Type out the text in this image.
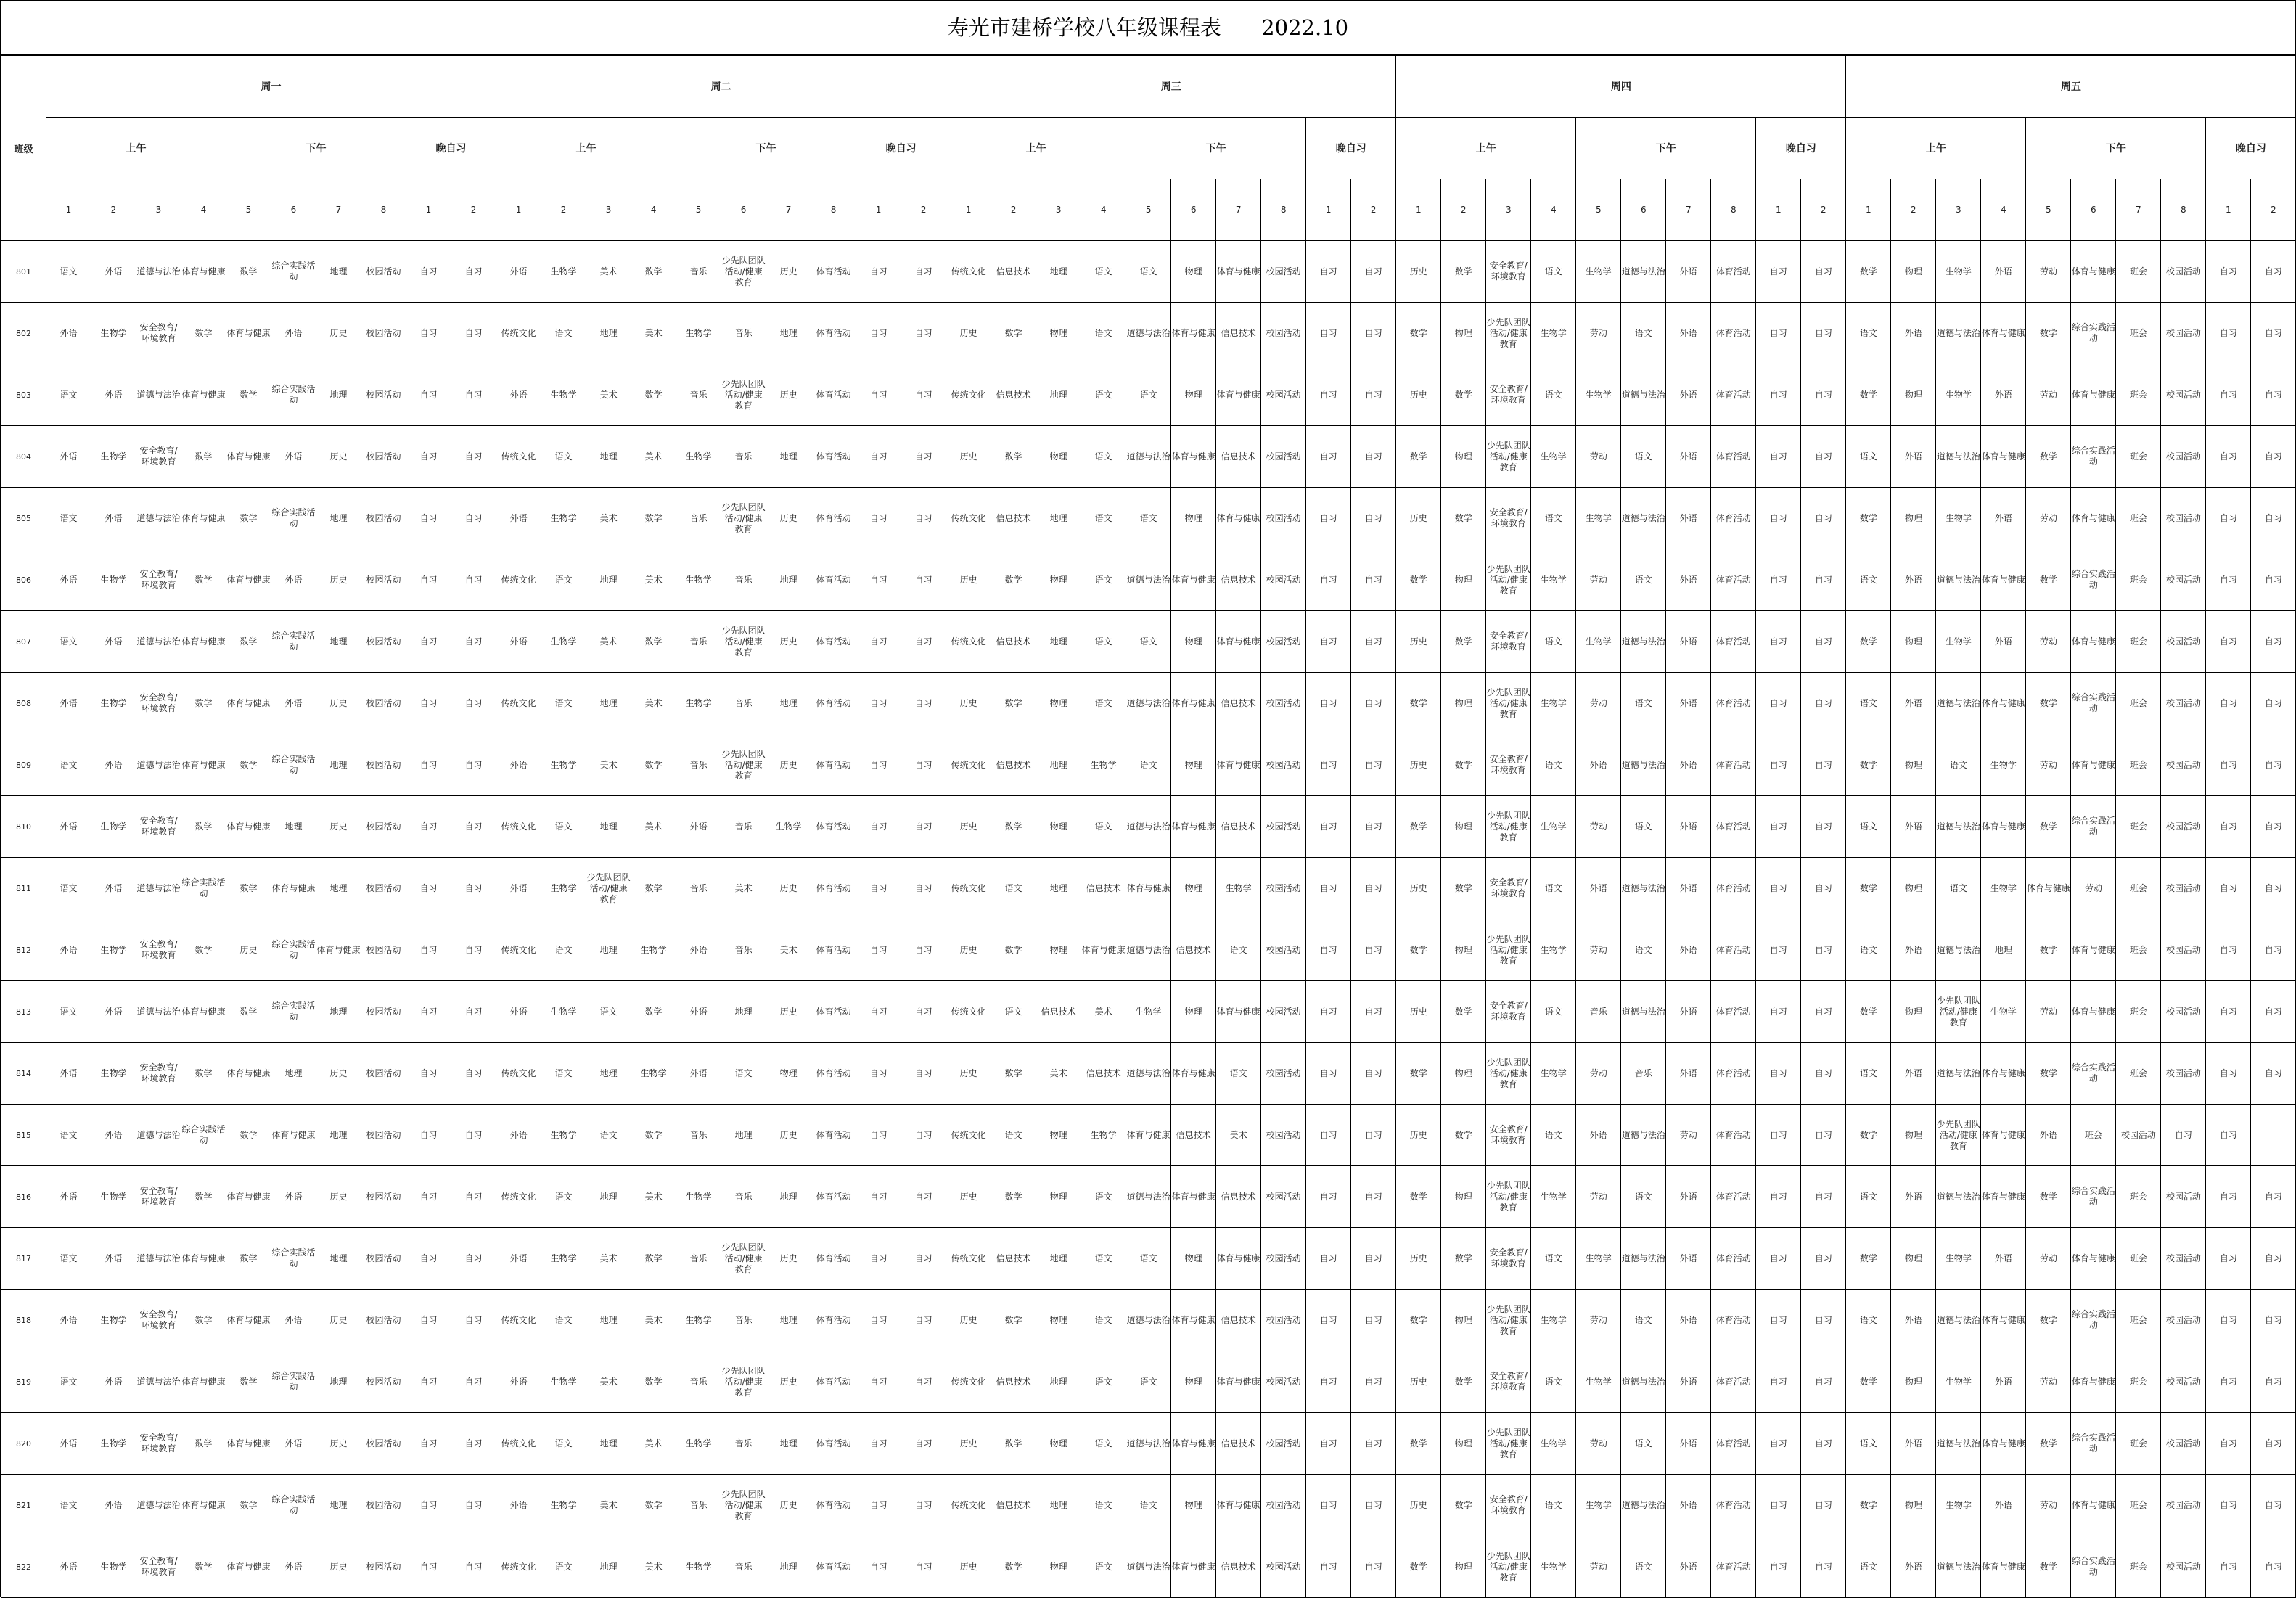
寿光市建桥学校八年级课程表      2022.10
班级	周一										周二										周三										周四										周五									
	上午				下午				晚自习		上午				下午				晚自习		上午				下午				晚自习		上午				下午				晚自习		上午				下午				晚自习	
	1	2	3	4	5	6	7	8	1	2	1	2	3	4	5	6	7	8	1	2	1	2	3	4	5	6	7	8	1	2	1	2	3	4	5	6	7	8	1	2	1	2	3	4	5	6	7	8	1	2
801	语文	外语	道德与法治	体育与健康	数学	综合实践活动	地理	校园活动	自习	自习	外语	生物学	美术	数学	音乐	少先队团队活动/健康教育	历史	体育活动	自习	自习	传统文化	信息技术	地理	语文	语文	物理	体育与健康	校园活动	自习	自习	历史	数学	安全教育/环境教育	语文	生物学	道德与法治	外语	体育活动	自习	自习	数学	物理	生物学	外语	劳动	体育与健康	班会	校园活动	自习	自习
802	外语	生物学	安全教育/环境教育	数学	体育与健康	外语	历史	校园活动	自习	自习	传统文化	语文	地理	美术	生物学	音乐	地理	体育活动	自习	自习	历史	数学	物理	语文	道德与法治	体育与健康	信息技术	校园活动	自习	自习	数学	物理	少先队团队活动/健康教育	生物学	劳动	语文	外语	体育活动	自习	自习	语文	外语	道德与法治	体育与健康	数学	综合实践活动	班会	校园活动	自习	自习
803	语文	外语	道德与法治	体育与健康	数学	综合实践活动	地理	校园活动	自习	自习	外语	生物学	美术	数学	音乐	少先队团队活动/健康教育	历史	体育活动	自习	自习	传统文化	信息技术	地理	语文	语文	物理	体育与健康	校园活动	自习	自习	历史	数学	安全教育/环境教育	语文	生物学	道德与法治	外语	体育活动	自习	自习	数学	物理	生物学	外语	劳动	体育与健康	班会	校园活动	自习	自习
804	外语	生物学	安全教育/环境教育	数学	体育与健康	外语	历史	校园活动	自习	自习	传统文化	语文	地理	美术	生物学	音乐	地理	体育活动	自习	自习	历史	数学	物理	语文	道德与法治	体育与健康	信息技术	校园活动	自习	自习	数学	物理	少先队团队活动/健康教育	生物学	劳动	语文	外语	体育活动	自习	自习	语文	外语	道德与法治	体育与健康	数学	综合实践活动	班会	校园活动	自习	自习
805	语文	外语	道德与法治	体育与健康	数学	综合实践活动	地理	校园活动	自习	自习	外语	生物学	美术	数学	音乐	少先队团队活动/健康教育	历史	体育活动	自习	自习	传统文化	信息技术	地理	语文	语文	物理	体育与健康	校园活动	自习	自习	历史	数学	安全教育/环境教育	语文	生物学	道德与法治	外语	体育活动	自习	自习	数学	物理	生物学	外语	劳动	体育与健康	班会	校园活动	自习	自习
806	外语	生物学	安全教育/环境教育	数学	体育与健康	外语	历史	校园活动	自习	自习	传统文化	语文	地理	美术	生物学	音乐	地理	体育活动	自习	自习	历史	数学	物理	语文	道德与法治	体育与健康	信息技术	校园活动	自习	自习	数学	物理	少先队团队活动/健康教育	生物学	劳动	语文	外语	体育活动	自习	自习	语文	外语	道德与法治	体育与健康	数学	综合实践活动	班会	校园活动	自习	自习
807	语文	外语	道德与法治	体育与健康	数学	综合实践活动	地理	校园活动	自习	自习	外语	生物学	美术	数学	音乐	少先队团队活动/健康教育	历史	体育活动	自习	自习	传统文化	信息技术	地理	语文	语文	物理	体育与健康	校园活动	自习	自习	历史	数学	安全教育/环境教育	语文	生物学	道德与法治	外语	体育活动	自习	自习	数学	物理	生物学	外语	劳动	体育与健康	班会	校园活动	自习	自习
808	外语	生物学	安全教育/环境教育	数学	体育与健康	外语	历史	校园活动	自习	自习	传统文化	语文	地理	美术	生物学	音乐	地理	体育活动	自习	自习	历史	数学	物理	语文	道德与法治	体育与健康	信息技术	校园活动	自习	自习	数学	物理	少先队团队活动/健康教育	生物学	劳动	语文	外语	体育活动	自习	自习	语文	外语	道德与法治	体育与健康	数学	综合实践活动	班会	校园活动	自习	自习
809	语文	外语	道德与法治	体育与健康	数学	综合实践活动	地理	校园活动	自习	自习	外语	生物学	美术	数学	音乐	少先队团队活动/健康教育	历史	体育活动	自习	自习	传统文化	信息技术	地理	生物学	语文	物理	体育与健康	校园活动	自习	自习	历史	数学	安全教育/环境教育	语文	外语	道德与法治	外语	体育活动	自习	自习	数学	物理	语文	生物学	劳动	体育与健康	班会	校园活动	自习	自习
810	外语	生物学	安全教育/环境教育	数学	体育与健康	地理	历史	校园活动	自习	自习	传统文化	语文	地理	美术	外语	音乐	生物学	体育活动	自习	自习	历史	数学	物理	语文	道德与法治	体育与健康	信息技术	校园活动	自习	自习	数学	物理	少先队团队活动/健康教育	生物学	劳动	语文	外语	体育活动	自习	自习	语文	外语	道德与法治	体育与健康	数学	综合实践活动	班会	校园活动	自习	自习
811	语文	外语	道德与法治	综合实践活动	数学	体育与健康	地理	校园活动	自习	自习	外语	生物学	少先队团队活动/健康教育	数学	音乐	美术	历史	体育活动	自习	自习	传统文化	语文	地理	信息技术	体育与健康	物理	生物学	校园活动	自习	自习	历史	数学	安全教育/环境教育	语文	外语	道德与法治	外语	体育活动	自习	自习	数学	物理	语文	生物学	体育与健康	劳动	班会	校园活动	自习	自习
812	外语	生物学	安全教育/环境教育	数学	历史	综合实践活动	体育与健康	校园活动	自习	自习	传统文化	语文	地理	生物学	外语	音乐	美术	体育活动	自习	自习	历史	数学	物理	体育与健康	道德与法治	信息技术	语文	校园活动	自习	自习	数学	物理	少先队团队活动/健康教育	生物学	劳动	语文	外语	体育活动	自习	自习	语文	外语	道德与法治	地理	数学	体育与健康	班会	校园活动	自习	自习
813	语文	外语	道德与法治	体育与健康	数学	综合实践活动	地理	校园活动	自习	自习	外语	生物学	语文	数学	外语	地理	历史	体育活动	自习	自习	传统文化	语文	信息技术	美术	生物学	物理	体育与健康	校园活动	自习	自习	历史	数学	安全教育/环境教育	语文	音乐	道德与法治	外语	体育活动	自习	自习	数学	物理	少先队团队活动/健康教育	生物学	劳动	体育与健康	班会	校园活动	自习	自习
814	外语	生物学	安全教育/环境教育	数学	体育与健康	地理	历史	校园活动	自习	自习	传统文化	语文	地理	生物学	外语	语文	物理	体育活动	自习	自习	历史	数学	美术	信息技术	道德与法治	体育与健康	语文	校园活动	自习	自习	数学	物理	少先队团队活动/健康教育	生物学	劳动	音乐	外语	体育活动	自习	自习	语文	外语	道德与法治	体育与健康	数学	综合实践活动	班会	校园活动	自习	自习
815	语文	外语	道德与法治	综合实践活动	数学	体育与健康	地理	校园活动	自习	自习	外语	生物学	语文	数学	音乐	地理	历史	体育活动	自习	自习	传统文化	语文	物理	生物学	体育与健康	信息技术	美术	校园活动	自习	自习	历史	数学	安全教育/环境教育	语文	外语	道德与法治	劳动	体育活动	自习	自习	数学	物理	少先队团队活动/健康教育	体育与健康	外语	班会	校园活动	自习	自习	
816	外语	生物学	安全教育/环境教育	数学	体育与健康	外语	历史	校园活动	自习	自习	传统文化	语文	地理	美术	生物学	音乐	地理	体育活动	自习	自习	历史	数学	物理	语文	道德与法治	体育与健康	信息技术	校园活动	自习	自习	数学	物理	少先队团队活动/健康教育	生物学	劳动	语文	外语	体育活动	自习	自习	语文	外语	道德与法治	体育与健康	数学	综合实践活动	班会	校园活动	自习	自习
817	语文	外语	道德与法治	体育与健康	数学	综合实践活动	地理	校园活动	自习	自习	外语	生物学	美术	数学	音乐	少先队团队活动/健康教育	历史	体育活动	自习	自习	传统文化	信息技术	地理	语文	语文	物理	体育与健康	校园活动	自习	自习	历史	数学	安全教育/环境教育	语文	生物学	道德与法治	外语	体育活动	自习	自习	数学	物理	生物学	外语	劳动	体育与健康	班会	校园活动	自习	自习
818	外语	生物学	安全教育/环境教育	数学	体育与健康	外语	历史	校园活动	自习	自习	传统文化	语文	地理	美术	生物学	音乐	地理	体育活动	自习	自习	历史	数学	物理	语文	道德与法治	体育与健康	信息技术	校园活动	自习	自习	数学	物理	少先队团队活动/健康教育	生物学	劳动	语文	外语	体育活动	自习	自习	语文	外语	道德与法治	体育与健康	数学	综合实践活动	班会	校园活动	自习	自习
819	语文	外语	道德与法治	体育与健康	数学	综合实践活动	地理	校园活动	自习	自习	外语	生物学	美术	数学	音乐	少先队团队活动/健康教育	历史	体育活动	自习	自习	传统文化	信息技术	地理	语文	语文	物理	体育与健康	校园活动	自习	自习	历史	数学	安全教育/环境教育	语文	生物学	道德与法治	外语	体育活动	自习	自习	数学	物理	生物学	外语	劳动	体育与健康	班会	校园活动	自习	自习
820	外语	生物学	安全教育/环境教育	数学	体育与健康	外语	历史	校园活动	自习	自习	传统文化	语文	地理	美术	生物学	音乐	地理	体育活动	自习	自习	历史	数学	物理	语文	道德与法治	体育与健康	信息技术	校园活动	自习	自习	数学	物理	少先队团队活动/健康教育	生物学	劳动	语文	外语	体育活动	自习	自习	语文	外语	道德与法治	体育与健康	数学	综合实践活动	班会	校园活动	自习	自习
821	语文	外语	道德与法治	体育与健康	数学	综合实践活动	地理	校园活动	自习	自习	外语	生物学	美术	数学	音乐	少先队团队活动/健康教育	历史	体育活动	自习	自习	传统文化	信息技术	地理	语文	语文	物理	体育与健康	校园活动	自习	自习	历史	数学	安全教育/环境教育	语文	生物学	道德与法治	外语	体育活动	自习	自习	数学	物理	生物学	外语	劳动	体育与健康	班会	校园活动	自习	自习
822	外语	生物学	安全教育/环境教育	数学	体育与健康	外语	历史	校园活动	自习	自习	传统文化	语文	地理	美术	生物学	音乐	地理	体育活动	自习	自习	历史	数学	物理	语文	道德与法治	体育与健康	信息技术	校园活动	自习	自习	数学	物理	少先队团队活动/健康教育	生物学	劳动	语文	外语	体育活动	自习	自习	语文	外语	道德与法治	体育与健康	数学	综合实践活动	班会	校园活动	自习	自习
